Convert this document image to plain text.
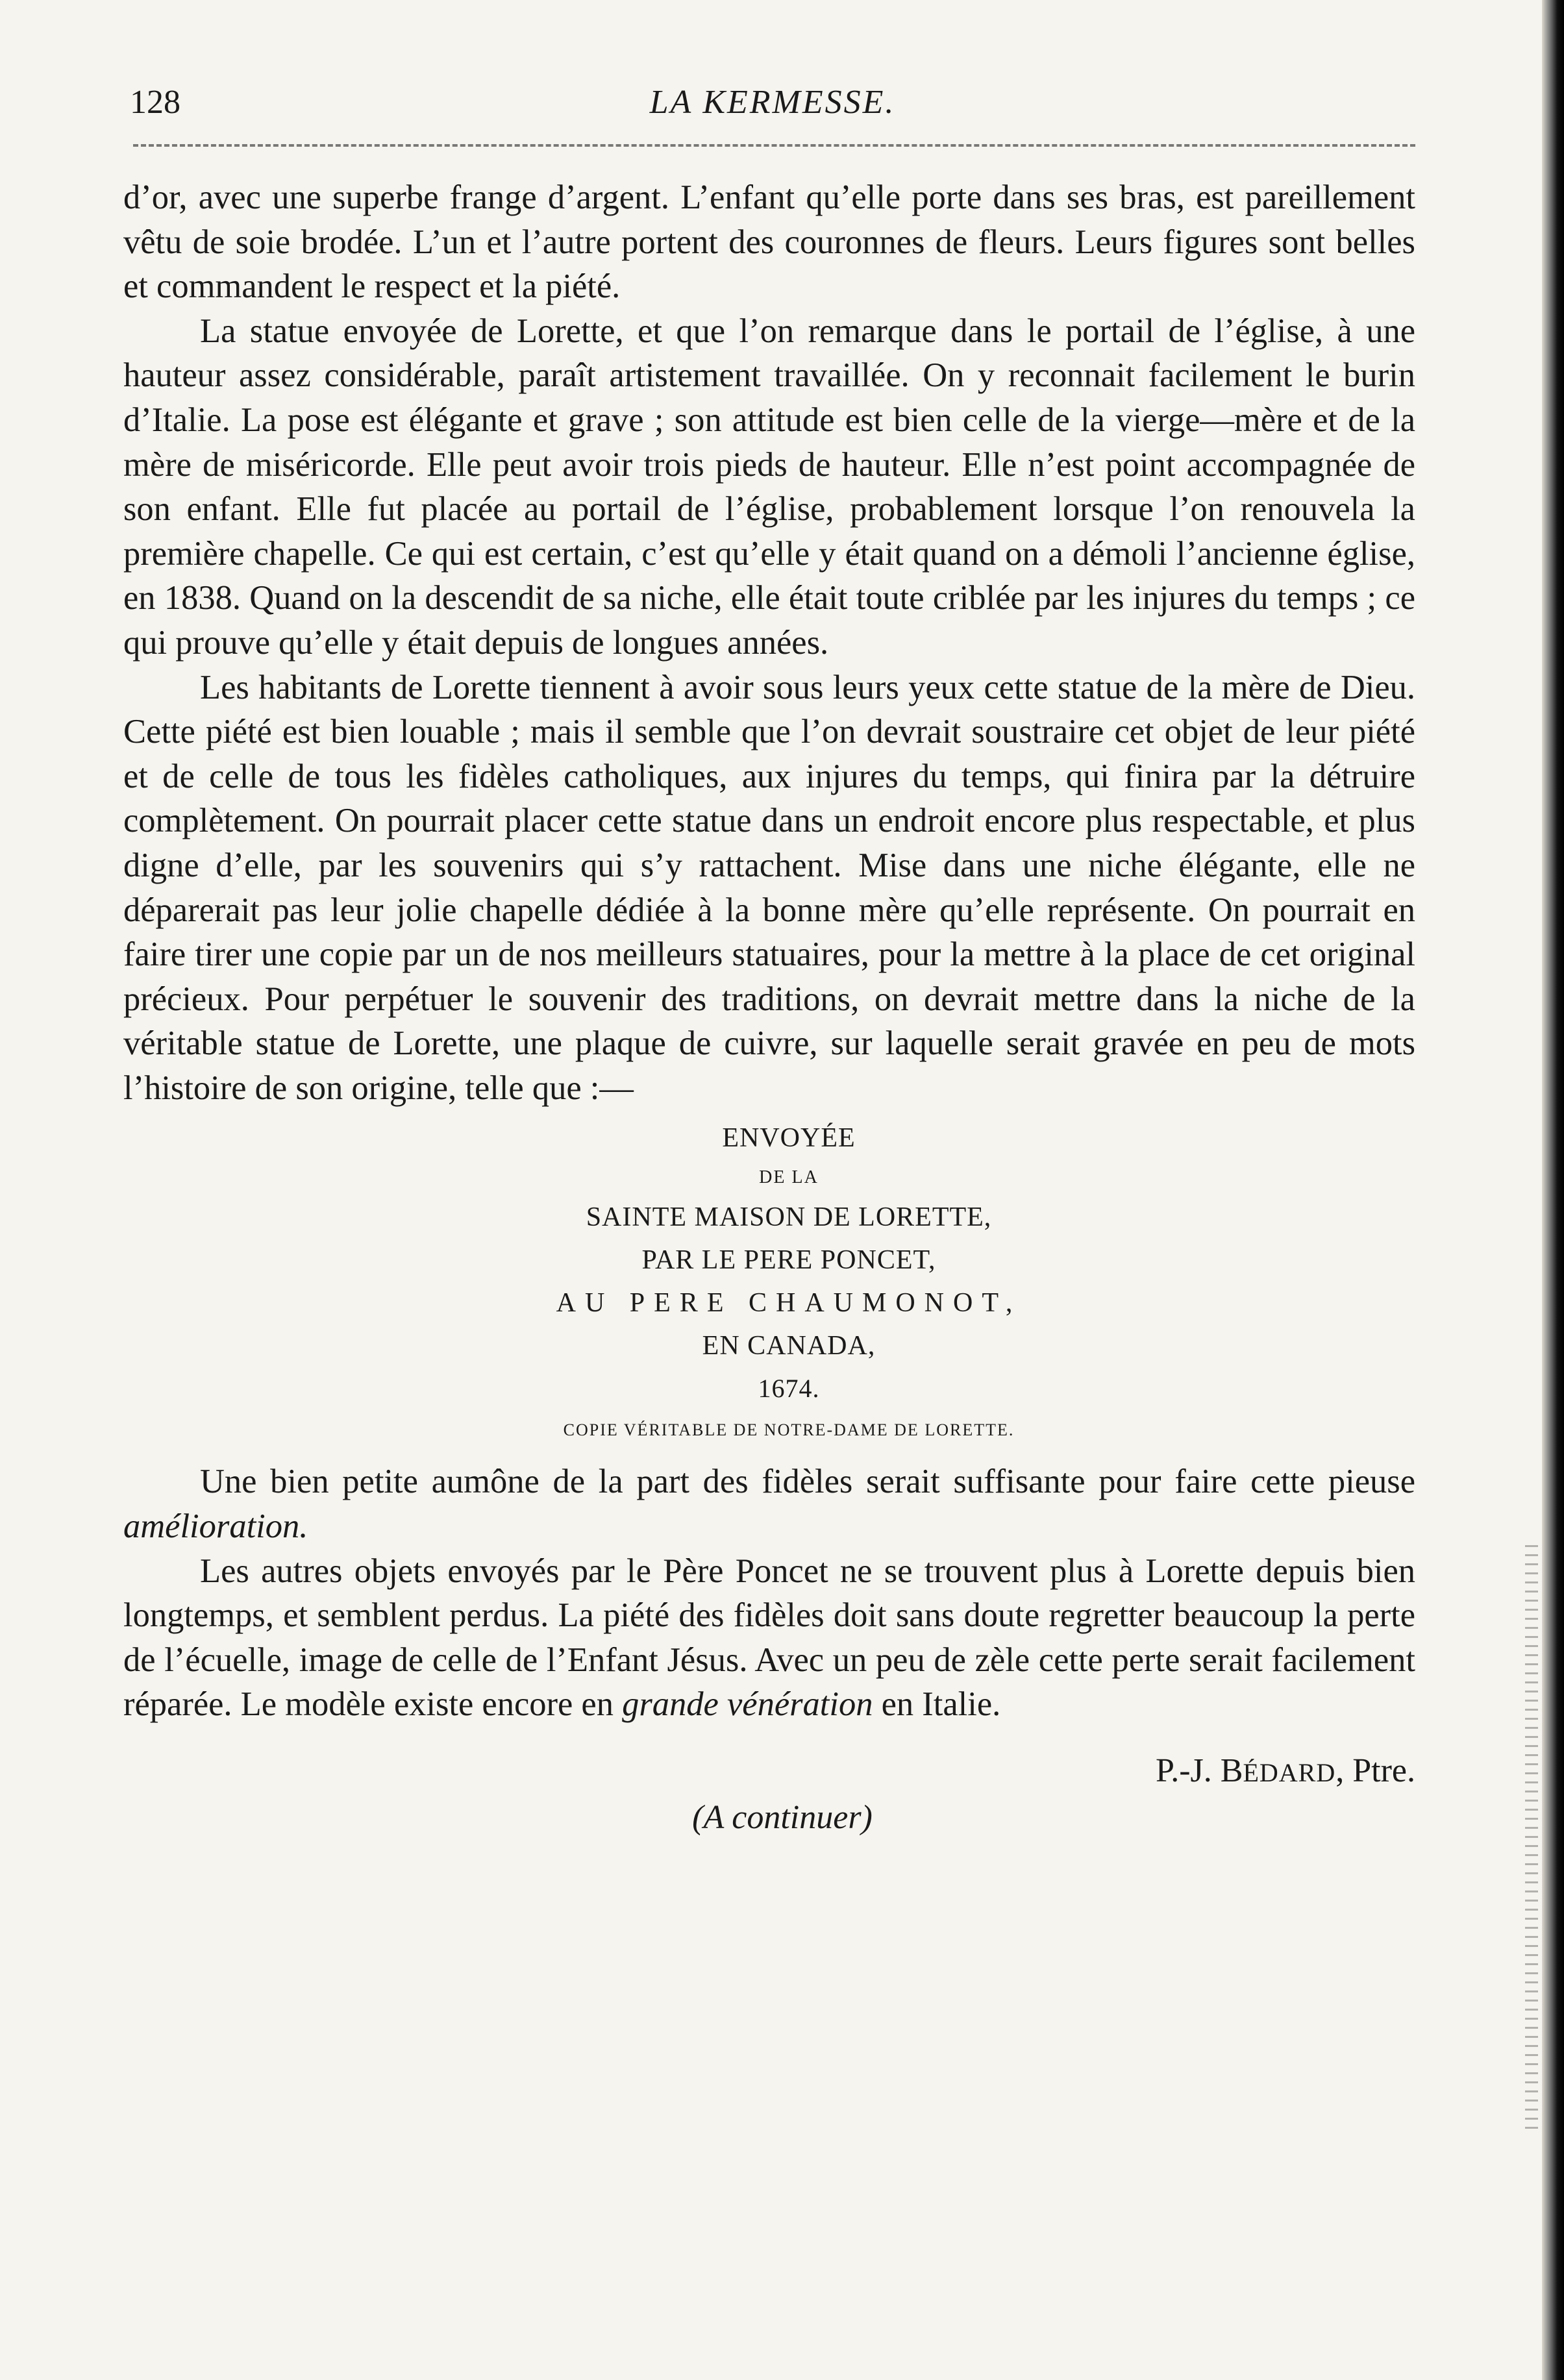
128	LA KERMESSE.

d’or, avec une superbe frange d’argent. L’enfant qu’elle porte dans ses bras, est pareillement vêtu de soie brodée. L’un et l’autre portent des couronnes de fleurs. Leurs figures sont belles et commandent le respect et la piété.

La statue envoyée de Lorette, et que l’on remarque dans le portail de l’église, à une hauteur assez considérable, paraît artistement travaillée. On y reconnait facilement le burin d’Italie. La pose est élégante et grave ; son attitude est bien celle de la vierge—mère et de la mère de miséricorde. Elle peut avoir trois pieds de hauteur. Elle n’est point accompagnée de son enfant. Elle fut placée au portail de l’église, probablement lorsque l’on renouvela la première chapelle. Ce qui est certain, c’est qu’elle y était quand on a démoli l’ancienne église, en 1838. Quand on la descendit de sa niche, elle était toute criblée par les injures du temps ; ce qui prouve qu’elle y était depuis de longues années.

Les habitants de Lorette tiennent à avoir sous leurs yeux cette statue de la mère de Dieu. Cette piété est bien louable ; mais il semble que l’on devrait soustraire cet objet de leur piété et de celle de tous les fidèles catholiques, aux injures du temps, qui finira par la détruire complètement. On pourrait placer cette statue dans un endroit encore plus respectable, et plus digne d’elle, par les souvenirs qui s’y rattachent. Mise dans une niche élégante, elle ne déparerait pas leur jolie chapelle dédiée à la bonne mère qu’elle représente. On pourrait en faire tirer une copie par un de nos meilleurs statuaires, pour la mettre à la place de cet original précieux. Pour perpétuer le souvenir des traditions, on devrait mettre dans la niche de la véritable statue de Lorette, une plaque de cuivre, sur laquelle serait gravée en peu de mots l’histoire de son origine, telle que :—

ENVOYÉE
DE LA
SAINTE MAISON DE LORETTE,
PAR LE PERE PONCET,
AU PERE CHAUMONOT,
EN CANADA,
1674.
COPIE VÉRITABLE DE NOTRE-DAME DE LORETTE.

Une bien petite aumône de la part des fidèles serait suffisante pour faire cette pieuse amélioration.

Les autres objets envoyés par le Père Poncet ne se trouvent plus à Lorette depuis bien longtemps, et semblent perdus. La piété des fidèles doit sans doute regretter beaucoup la perte de l’écuelle, image de celle de l’Enfant Jésus. Avec un peu de zèle cette perte serait facilement réparée. Le modèle existe encore en grande vénération en Italie.

P.-J. BÉDARD, Ptre.
(A continuer)
